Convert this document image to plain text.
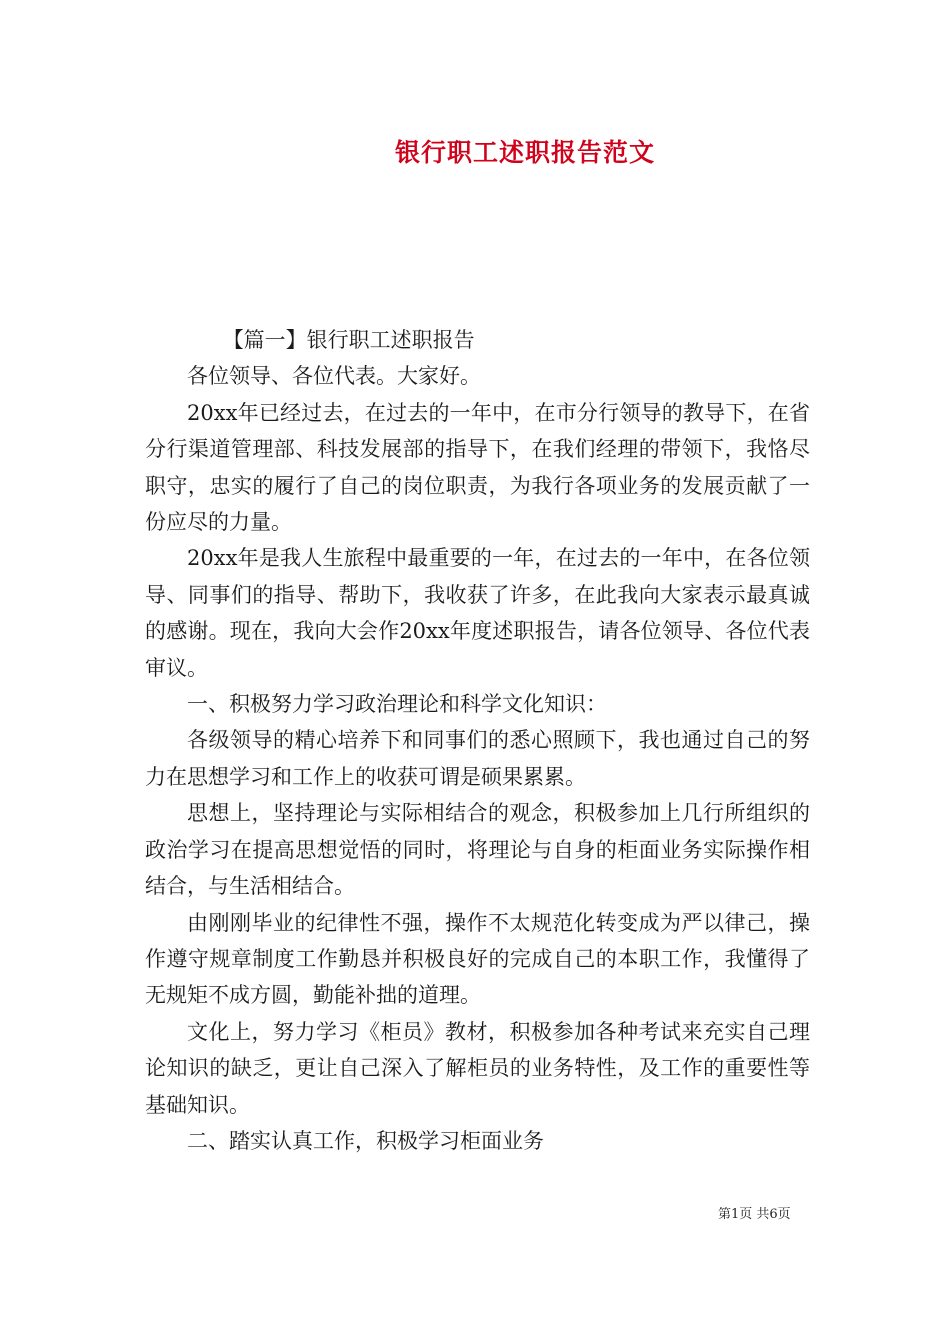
银行职工述职报告范文

【篇一】银行职工述职报告

各位领导、各位代表。大家好。

20xx年已经过去，在过去的一年中，在市分行领导的教导下，在省分行渠道管理部、科技发展部的指导下，在我们经理的带领下，我恪尽职守，忠实的履行了自己的岗位职责，为我行各项业务的发展贡献了一份应尽的力量。

20xx年是我人生旅程中最重要的一年，在过去的一年中，在各位领导、同事们的指导、帮助下，我收获了许多，在此我向大家表示最真诚的感谢。现在，我向大会作20xx年度述职报告，请各位领导、各位代表审议。

一、积极努力学习政治理论和科学文化知识：

各级领导的精心培养下和同事们的悉心照顾下，我也通过自己的努力在思想学习和工作上的收获可谓是硕果累累。

思想上，坚持理论与实际相结合的观念，积极参加上几行所组织的政治学习在提高思想觉悟的同时，将理论与自身的柜面业务实际操作相结合，与生活相结合。

由刚刚毕业的纪律性不强，操作不太规范化转变成为严以律己，操作遵守规章制度工作勤恳并积极良好的完成自己的本职工作，我懂得了无规矩不成方圆，勤能补拙的道理。

文化上，努力学习《柜员》教材，积极参加各种考试来充实自己理论知识的缺乏，更让自己深入了解柜员的业务特性，及工作的重要性等基础知识。

二、踏实认真工作，积极学习柜面业务

第1页 共6页
